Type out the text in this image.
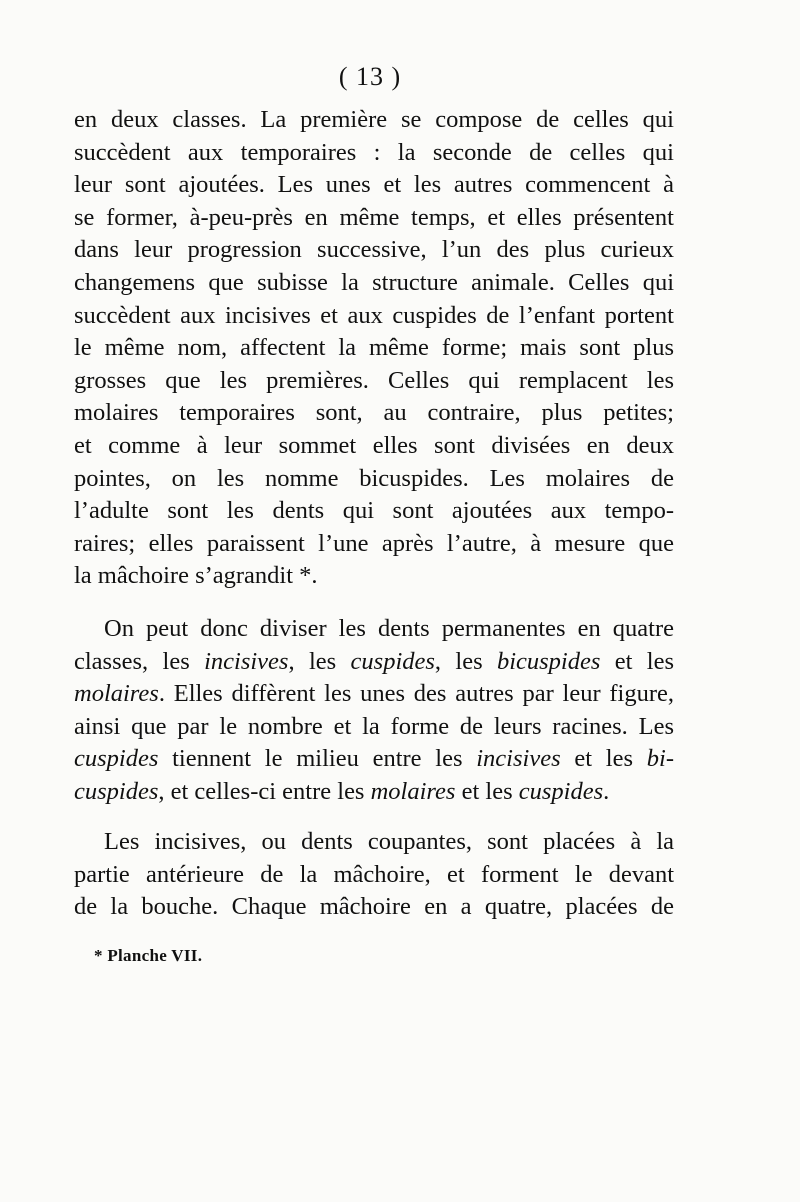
( 13 )
en deux classes. La première se compose de celles qui
succèdent aux temporaires : la seconde de celles qui
leur sont ajoutées. Les unes et les autres commencent à
se former, à-peu-près en même temps, et elles présentent
dans leur progression successive, l’un des plus curieux
changemens que subisse la structure animale. Celles qui
succèdent aux incisives et aux cuspides de l’enfant portent
le même nom, affectent la même forme; mais sont plus
grosses que les premières. Celles qui remplacent les
molaires temporaires sont, au contraire, plus petites;
et comme à leur sommet elles sont divisées en deux
pointes, on les nomme bicuspides. Les molaires de
l’adulte sont les dents qui sont ajoutées aux tempo-
raires; elles paraissent l’une après l’autre, à mesure que
la mâchoire s’agrandit *.
On peut donc diviser les dents permanentes en quatre
classes, les incisives, les cuspides, les bicuspides et les
molaires. Elles diffèrent les unes des autres par leur figure,
ainsi que par le nombre et la forme de leurs racines. Les
cuspides tiennent le milieu entre les incisives et les bi-
cuspides, et celles-ci entre les molaires et les cuspides.
Les incisives, ou dents coupantes, sont placées à la
partie antérieure de la mâchoire, et forment le devant
de la bouche. Chaque mâchoire en a quatre, placées de
* Planche VII.
